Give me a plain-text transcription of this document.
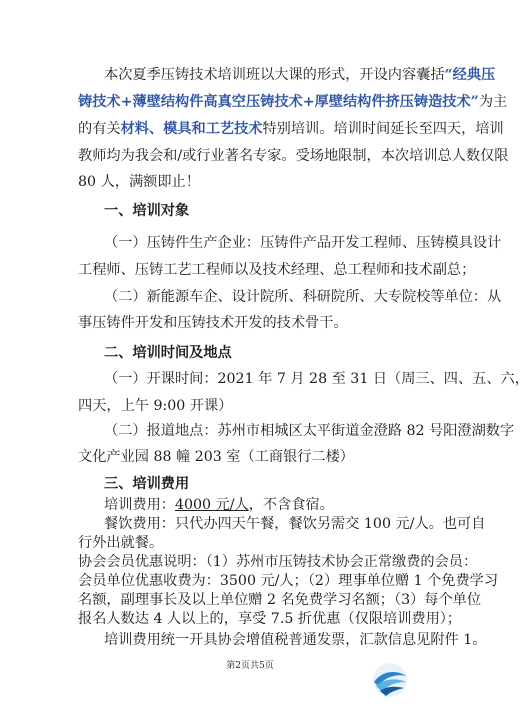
本次夏季压铸技术培训班以大课的形式，开设内容囊括“经典压
铸技术+薄壁结构件高真空压铸技术+厚壁结构件挤压铸造技术”为主
的有关材料、模具和工艺技术特别培训。培训时间延长至四天，培训
教师均为我会和/或行业著名专家。受场地限制，本次培训总人数仅限
80 人，满额即止！
一、培训对象
（一）压铸件生产企业：压铸件产品开发工程师、压铸模具设计
工程师、压铸工艺工程师以及技术经理、总工程师和技术副总；
（二）新能源车企、设计院所、科研院所、大专院校等单位：从
事压铸件开发和压铸技术开发的技术骨干。
二、培训时间及地点
（一）开课时间：2021 年 7 月 28 至 31 日（周三、四、五、六，
四天，上午 9:00 开课）
（二）报道地点：苏州市相城区太平街道金澄路 82 号阳澄湖数字
文化产业园 88 幢 203 室（工商银行二楼）
三、培训费用
培训费用：4000 元/人，不含食宿。
餐饮费用：只代办四天午餐，餐饮另需交 100 元/人。也可自
行外出就餐。
协会会员优惠说明：（1）苏州市压铸技术协会正常缴费的会员：
会员单位优惠收费为：3500 元/人；（2）理事单位赠 1 个免费学习
名额，副理事长及以上单位赠 2 名免费学习名额；（3）每个单位
报名人数达 4 人以上的，享受 7.5 折优惠（仅限培训费用）；
培训费用统一开具协会增值税普通发票，汇款信息见附件 1。
第2页共5页
